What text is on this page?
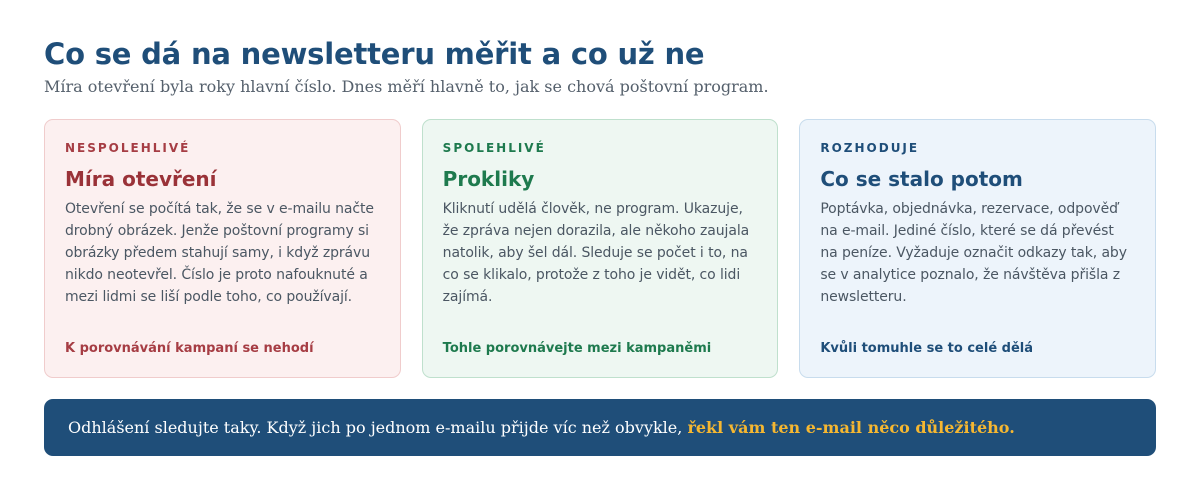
Co se dá na newsletteru měřit a co už ne

Míra otevření byla roky hlavní číslo. Dnes měří hlavně to, jak se chová poštovní program.

NESPOLEHLIVÉ
Míra otevření

Otevření se počítá tak, že se v e-mailu načte drobný obrázek. Jenže poštovní programy si obrázky předem stahují samy, i když zprávu nikdo neotevřel. Číslo je proto nafouknuté a mezi lidmi se liší podle toho, co používají.

K porovnávání kampaní se nehodí
SPOLEHLIVÉ
Prokliky

Kliknutí udělá člověk, ne program. Ukazuje, že zpráva nejen dorazila, ale někoho zaujala natolik, aby šel dál. Sleduje se počet i to, na co se klikalo, protože z toho je vidět, co lidi zajímá.

Tohle porovnávejte mezi kampaněmi
ROZHODUJE
Co se stalo potom

Poptávka, objednávka, rezervace, odpověď na e-mail. Jediné číslo, které se dá převést na peníze. Vyžaduje označit odkazy tak, aby se v analytice poznalo, že návštěva přišla z newsletteru.

Kvůli tomuhle se to celé dělá
Odhlášení sledujte taky. Když jich po jednom e-mailu přijde víc než obvykle,
řekl vám ten e-mail něco důležitého.
